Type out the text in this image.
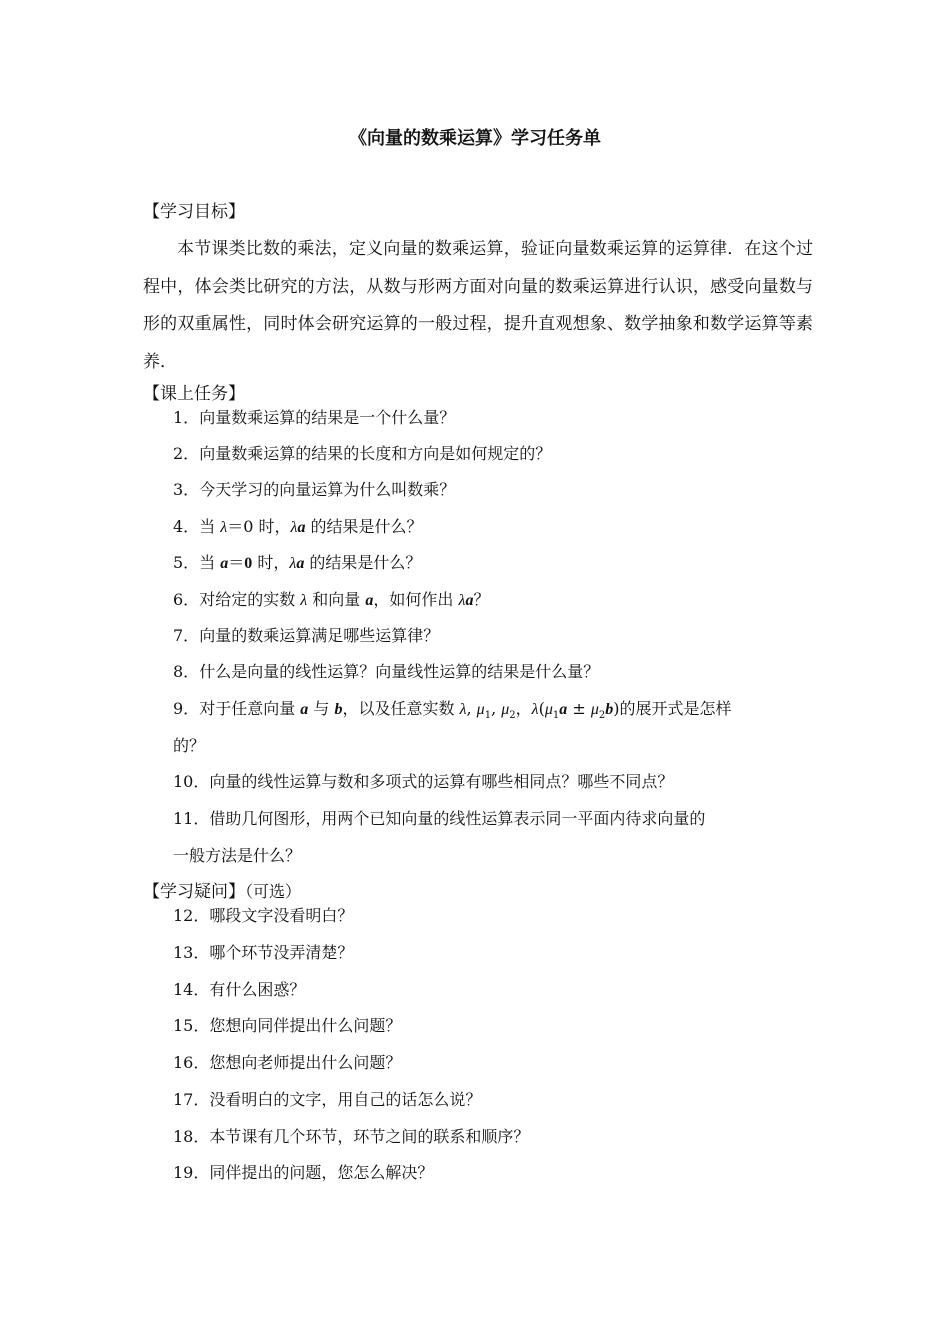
《向量的数乘运算》学习任务单
【学习目标】

本节课类比数的乘法，定义向量的数乘运算，验证向量数乘运算的运算律．在这个过程中，体会类比研究的方法，从数与形两方面对向量的数乘运算进行认识，感受向量数与形的双重属性，同时体会研究运算的一般过程，提升直观想象、数学抽象和数学运算等素养．

【课上任务】
1．向量数乘运算的结果是一个什么量？
2．向量数乘运算的结果的长度和方向是如何规定的？
3．今天学习的向量运算为什么叫数乘？
4．当 λ＝0 时，λa 的结果是什么？
5．当 a＝0 时，λa 的结果是什么？
6．对给定的实数 λ 和向量 a，如何作出 λa？
7．向量的数乘运算满足哪些运算律？
8．什么是向量的线性运算？向量线性运算的结果是什么量？
9．对于任意向量 a 与 b，以及任意实数 λ, $\mu_1$, $\mu_2$，$\lambda(\mu_1a \pm \mu_2b)$的展开式是怎样
的？
10．向量的线性运算与数和多项式的运算有哪些相同点？哪些不同点？
11．借助几何图形，用两个已知向量的线性运算表示同一平面内待求向量的
一般方法是什么？
【学习疑问】（可选）
12．哪段文字没看明白？
13．哪个环节没弄清楚？
14．有什么困惑？
15．您想向同伴提出什么问题？
16．您想向老师提出什么问题？
17．没看明白的文字，用自己的话怎么说？
18．本节课有几个环节，环节之间的联系和顺序？
19．同伴提出的问题，您怎么解决？
